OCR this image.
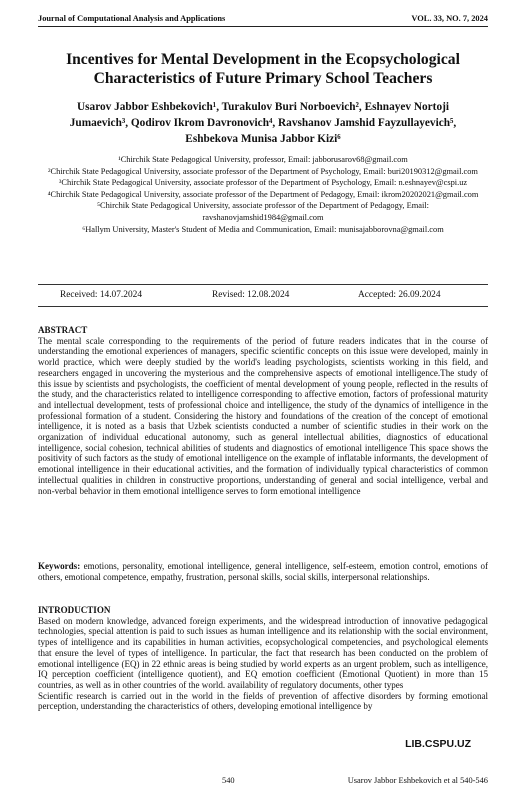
Journal of Computational Analysis and Applications	VOL. 33, NO. 7, 2024
Incentives for Mental Development in the Ecopsychological Characteristics of Future Primary School Teachers
Usarov Jabbor Eshbekovich¹, Turakulov Buri Norboevich², Eshnayev Nortoji Jumaevich³, Qodirov Ikrom Davronovich⁴, Ravshanov Jamshid Fayzullayevich⁵, Eshbekova Munisa Jabbor Kizi⁶
¹Chirchik State Pedagogical University, professor, Email: jabborusarov68@gmail.com
²Chirchik State Pedagogical University, associate professor of the Department of Psychology, Email: buri20190312@gmail.com
³Chirchik State Pedagogical University, associate professor of the Department of Psychology, Email: n.eshnayev@cspi.uz
⁴Chirchik State Pedagogical University, associate professor of the Department of Pedagogy, Email: ikrom20202021@gmail.com
⁵Chirchik State Pedagogical University, associate professor of the Department of Pedagogy, Email: ravshanovjamshid1984@gmail.com
⁶Hallym University, Master's Student of Media and Communication, Email: munisajabborovna@gmail.com
Received: 14.07.2024	Revised: 12.08.2024	Accepted: 26.09.2024

ABSTRACT

The mental scale corresponding to the requirements of the period of future readers indicates that in the course of understanding the emotional experiences of managers, specific scientific concepts on this issue were developed, mainly in world practice, which were deeply studied by the world's leading psychologists, scientists working in this field, and researchers engaged in uncovering the mysterious and the comprehensive aspects of emotional intelligence.The study of this issue by scientists and psychologists, the coefficient of mental development of young people, reflected in the results of the study, and the characteristics related to intelligence corresponding to affective emotion, factors of professional maturity and intellectual development, tests of professional choice and intelligence, the study of the dynamics of intelligence in the professional formation of a student. Considering the history and foundations of the creation of the concept of emotional intelligence, it is noted as a basis that Uzbek scientists conducted a number of scientific studies in their work on the organization of individual educational autonomy, such as general intellectual abilities, diagnostics of educational intelligence, social cohesion, technical abilities of students and diagnostics of emotional intelligence This space shows the positivity of such factors as the study of emotional intelligence on the example of inflatable informants, the development of emotional intelligence in their educational activities, and the formation of individually typical characteristics of common intellectual qualities in children in constructive proportions, understanding of general and social intelligence, verbal and non-verbal behavior in them emotional intelligence serves to form emotional intelligence

Keywords: emotions, personality, emotional intelligence, general intelligence, self-esteem, emotion control, emotions of others, emotional competence, empathy, frustration, personal skills, social skills, interpersonal relationships.

INTRODUCTION

Based on modern knowledge, advanced foreign experiments, and the widespread introduction of innovative pedagogical technologies, special attention is paid to such issues as human intelligence and its relationship with the social environment, types of intelligence and its capabilities in human activities, ecopsychological competencies, and psychological elements that ensure the level of types of intelligence. In particular, the fact that research has been conducted on the problem of emotional intelligence (EQ) in 22 ethnic areas is being studied by world experts as an urgent problem, such as intelligence, IQ perception coefficient (intelligence quotient), and EQ emotion coefficient (Emotional Quotient) in more than 15 countries, as well as in other countries of the world. availability of regulatory documents, other types

Scientific research is carried out in the world in the fields of prevention of affective disorders by forming emotional perception, understanding the characteristics of others, developing emotional intelligence by

LIB.CSPU.UZ
540	Usarov Jabbor Eshbekovich et al 540-546
